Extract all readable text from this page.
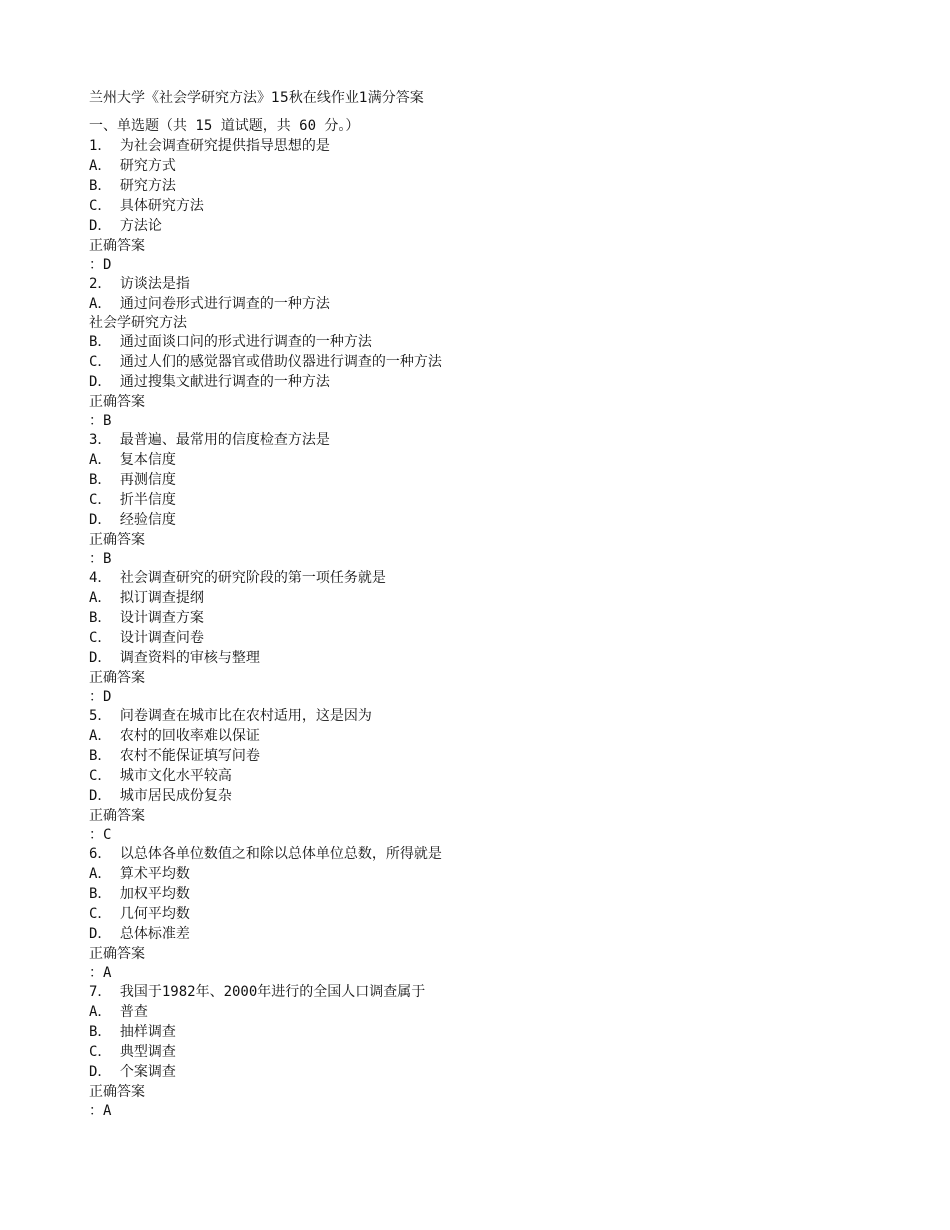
兰州大学《社会学研究方法》15秋在线作业1满分答案
一、单选题（共 15 道试题，共 60 分。）
1． 为社会调查研究提供指导思想的是
A． 研究方式
B． 研究方法
C． 具体研究方法
D． 方法论
正确答案
：D
2． 访谈法是指
A． 通过问卷形式进行调查的一种方法
社会学研究方法
B． 通过面谈口问的形式进行调查的一种方法
C． 通过人们的感觉器官或借助仪器进行调查的一种方法
D． 通过搜集文献进行调查的一种方法
正确答案
：B
3． 最普遍、最常用的信度检查方法是
A． 复本信度
B． 再测信度
C． 折半信度
D． 经验信度
正确答案
：B
4． 社会调查研究的研究阶段的第一项任务就是
A． 拟订调查提纲
B． 设计调查方案
C． 设计调查问卷
D． 调查资料的审核与整理
正确答案
：D
5． 问卷调查在城市比在农村适用，这是因为
A． 农村的回收率难以保证
B． 农村不能保证填写问卷
C． 城市文化水平较高
D． 城市居民成份复杂
正确答案
：C
6． 以总体各单位数值之和除以总体单位总数，所得就是
A． 算术平均数
B． 加权平均数
C． 几何平均数
D． 总体标准差
正确答案
：A
7． 我国于1982年、2000年进行的全国人口调查属于
A． 普查
B． 抽样调查
C． 典型调查
D． 个案调查
正确答案
：A
